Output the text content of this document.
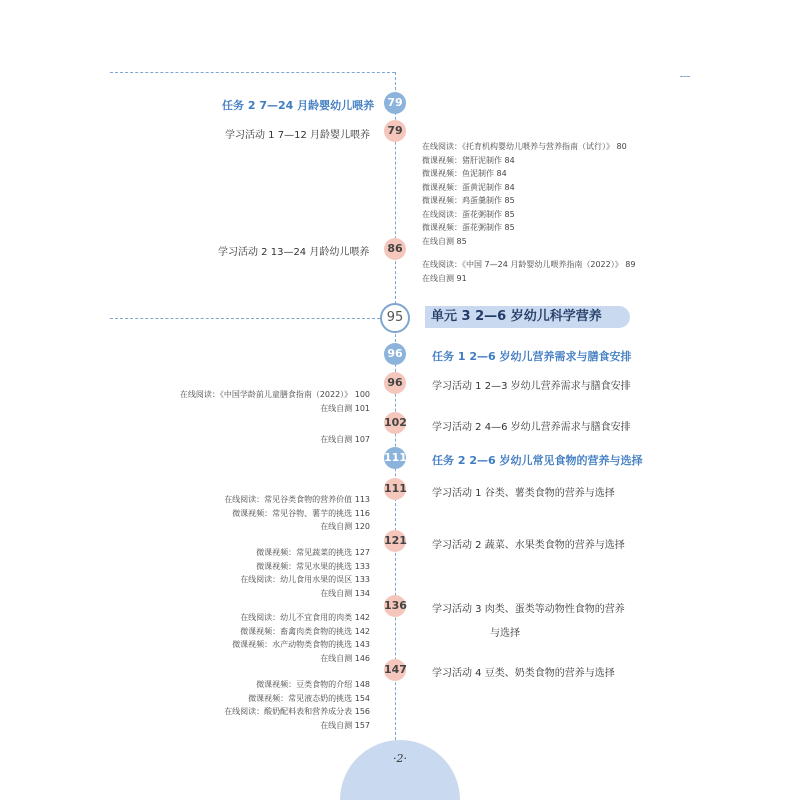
任务 2 7—24 月龄婴幼儿喂养	79
学习活动 1 7—12 月龄婴儿喂养	79
在线阅读：《托育机构婴幼儿喂养与营养指南（试行）》 80
微课视频：猪肝泥制作 84
微课视频：鱼泥制作 84
微课视频：蛋黄泥制作 84
微课视频：鸡蛋羹制作 85
在线阅读：蛋花粥制作 85
微课视频：蛋花粥制作 85
在线自测 85
学习活动 2 13—24 月龄幼儿喂养	86
在线阅读：《中国 7—24 月龄婴幼儿喂养指南（2022）》 89
在线自测 91
95	单元 3 2—6 岁幼儿科学营养
96	任务 1 2—6 岁幼儿营养需求与膳食安排
96	学习活动 1 2—3 岁幼儿营养需求与膳食安排
在线阅读：《中国学龄前儿童膳食指南（2022）》 100
在线自测 101
102	学习活动 2 4—6 岁幼儿营养需求与膳食安排
在线自测 107
111 任务 2 2—6 岁幼儿常见食物的营养与选择
111	学习活动 1 谷类、薯类食物的营养与选择
在线阅读：常见谷类食物的营养价值 113
微课视频：常见谷物、薯芋的挑选 116
在线自测 120
121	学习活动 2 蔬菜、水果类食物的营养与选择
微课视频：常见蔬菜的挑选 127
微课视频：常见水果的挑选 133
在线阅读：幼儿食用水果的误区 133
在线自测 134
136	学习活动 3 肉类、蛋类等动物性食物的营养
与选择
在线阅读：幼儿不宜食用的肉类 142
微课视频：畜禽肉类食物的挑选 142
微课视频：水产动物类食物的挑选 143
在线自测 146
147	学习活动 4 豆类、奶类食物的营养与选择
微课视频：豆类食物的介绍 148
微课视频：常见液态奶的挑选 154
在线阅读：酸奶配料表和营养成分表 156
在线自测 157
·2·
